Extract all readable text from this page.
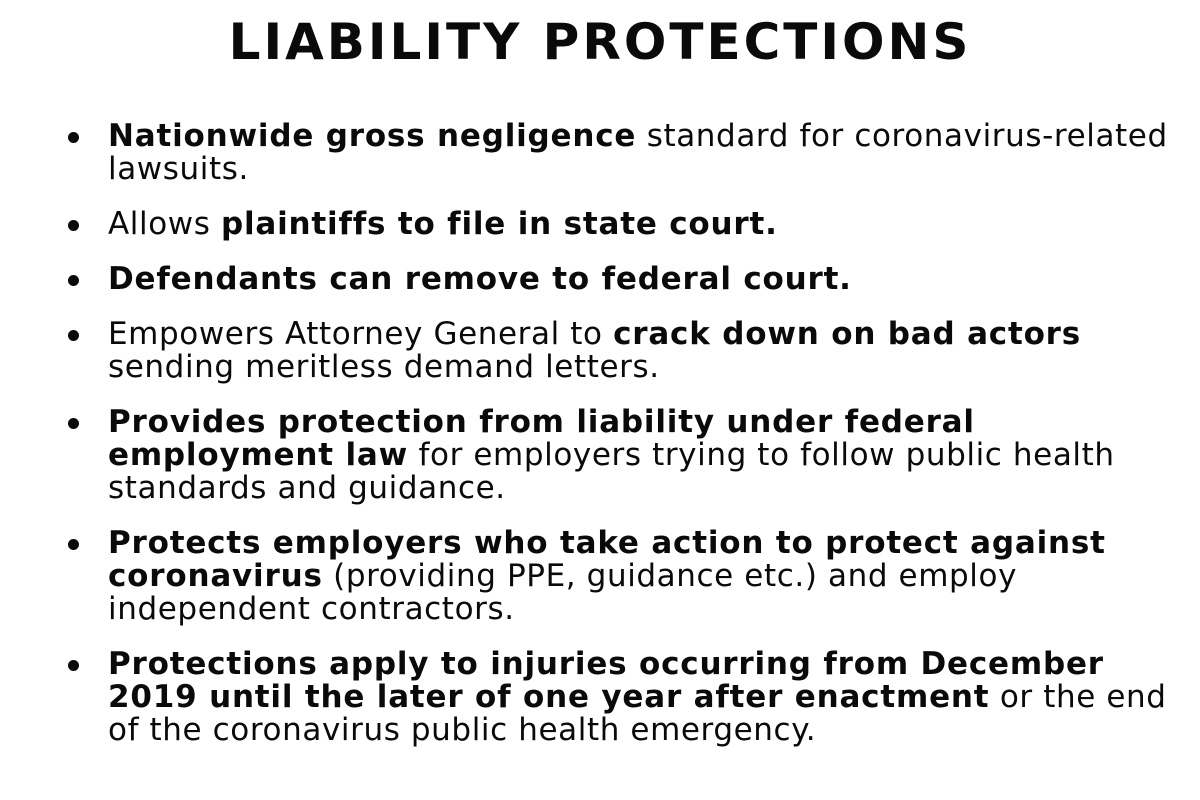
LIABILITY PROTECTIONS
Nationwide gross negligence standard for coronavirus-related lawsuits.
Allows plaintiffs to file in state court.
Defendants can remove to federal court.
Empowers Attorney General to crack down on bad actors sending meritless demand letters.
Provides protection from liability under federal employment law for employers trying to follow public health standards and guidance.
Protects employers who take action to protect against coronavirus (providing PPE, guidance etc.) and employ independent contractors.
Protections apply to injuries occurring from December 2019 until the later of one year after enactment or the end of the coronavirus public health emergency.
